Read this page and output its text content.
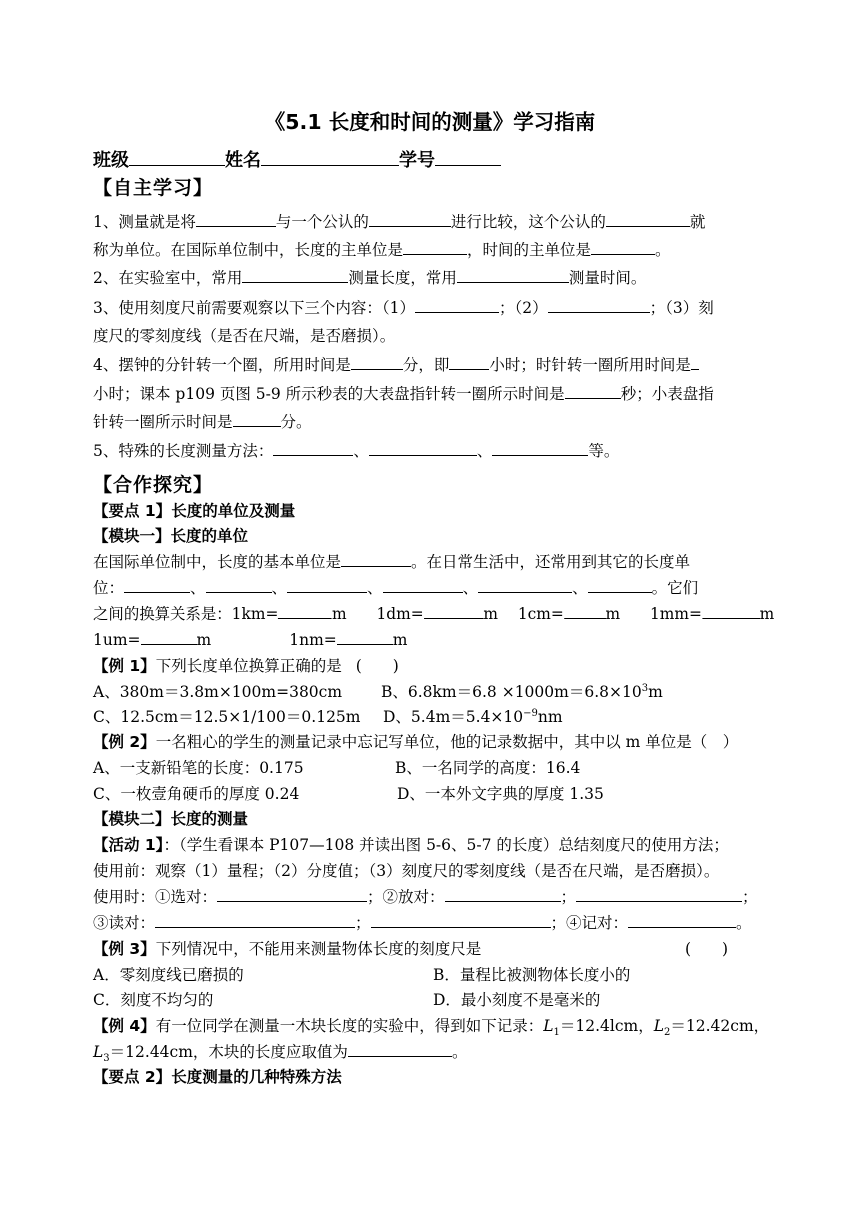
《5.1 长度和时间的测量》学习指南
班级	姓名	学号
【自主学习】
1、测量就是将	与一个公认的	进行比较，这个公认的	就
称为单位。在国际单位制中，长度的主单位是	，时间的主单位是	。
2、在实验室中，常用	测量长度，常用	测量时间。
3、使用刻度尺前需要观察以下三个内容：（1）	；（2）	；（3）刻
度尺的零刻度线（是否在尺端，是否磨损）。
4、摆钟的分针转一个圈，所用时间是	分，即	小时；时针转一圈所用时间是
小时；课本 p109 页图 5-9 所示秒表的大表盘指针转一圈所示时间是	秒；小表盘指
针转一圈所示时间是	分。
5、特殊的长度测量方法：	、	、	等。
【合作探究】
【要点 1】长度的单位及测量
【模块一】长度的单位
在国际单位制中，长度的基本单位是	。在日常生活中，还常用到其它的长度单
位：	、	、	、	、	、	。它们
之间的换算关系是：1km=	m 1dm=	m 1cm=	m 1mm=	m
1um=	m	1nm=	m
【例 1】下列长度单位换算正确的是 (　　)
A、380m＝3.8m×100m=380cm	B、$6.8km=6.8 \times 1000m=6.8\times 10^3m$
C、12.5cm＝12.5×1/100＝0.125m D、$5.4m=5.4\times 10^{-9}nm$
【例 2】一名粗心的学生的测量记录中忘记写单位，他的记录数据中，其中以 m 单位是（　）
A、一支新铅笔的长度：0.175	B、一名同学的高度：16.4
C、一枚壹角硬币的厚度 0.24	D、一本外文字典的厚度 1.35
【模块二】长度的测量
【活动 1】：（学生看课本 P107—108 并读出图 5-6、5-7 的长度）总结刻度尺的使用方法；
使用前：观察（1）量程；（2）分度值；（3）刻度尺的零刻度线（是否在尺端，是否磨损）。
使用时：①选对：	；②放对：	；	；
③读对：	；	；④记对：	。
【例 3】下列情况中，不能用来测量物体长度的刻度尺是	(　　)
A．零刻度线已磨损的	B．量程比被测物体长度小的
C．刻度不均匀的	D．最小刻度不是毫米的
【例 4】有一位同学在测量一木块长度的实验中，得到如下记录：$L_1=12.4lcm$，$L_2=12.42cm$，
$L_3=12.44cm$，木块的长度应取值为	。
【要点 2】长度测量的几种特殊方法
